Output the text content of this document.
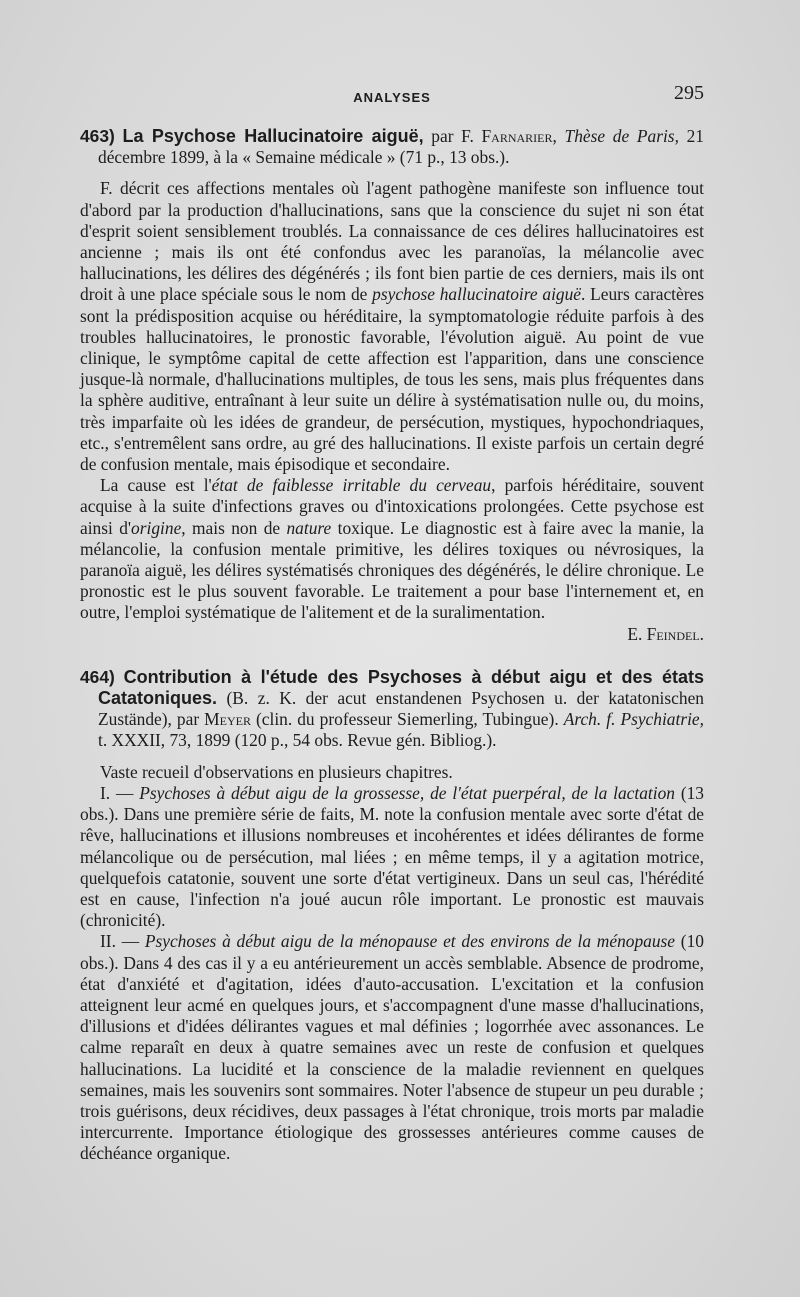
ANALYSES	295

463) La Psychose Hallucinatoire aiguë, par F. Farnarier, Thèse de Paris, 21 décembre 1899, à la « Semaine médicale » (71 p., 13 obs.).

F. décrit ces affections mentales où l'agent pathogène manifeste son influence tout d'abord par la production d'hallucinations, sans que la conscience du sujet ni son état d'esprit soient sensiblement troublés. La connaissance de ces délires hallucinatoires est ancienne ; mais ils ont été confondus avec les paranoïas, la mélancolie avec hallucinations, les délires des dégénérés ; ils font bien partie de ces derniers, mais ils ont droit à une place spéciale sous le nom de psychose hallucinatoire aiguë. Leurs caractères sont la prédisposition acquise ou héréditaire, la symptomatologie réduite parfois à des troubles hallucinatoires, le pronostic favorable, l'évolution aiguë. Au point de vue clinique, le symptôme capital de cette affection est l'apparition, dans une conscience jusque-là normale, d'hallucinations multiples, de tous les sens, mais plus fréquentes dans la sphère auditive, entraînant à leur suite un délire à systématisation nulle ou, du moins, très imparfaite où les idées de grandeur, de persécution, mystiques, hypochondriaques, etc., s'entremêlent sans ordre, au gré des hallucinations. Il existe parfois un certain degré de confusion mentale, mais épisodique et secondaire.

La cause est l'état de faiblesse irritable du cerveau, parfois héréditaire, souvent acquise à la suite d'infections graves ou d'intoxications prolongées. Cette psychose est ainsi d'origine, mais non de nature toxique. Le diagnostic est à faire avec la manie, la mélancolie, la confusion mentale primitive, les délires toxiques ou névrosiques, la paranoïa aiguë, les délires systématisés chroniques des dégénérés, le délire chronique. Le pronostic est le plus souvent favorable. Le traitement a pour base l'internement et, en outre, l'emploi systématique de l'alitement et de la suralimentation.

E. Feindel.

464) Contribution à l'étude des Psychoses à début aigu et des états Catatoniques. (B. z. K. der acut enstandenen Psychosen u. der katatonischen Zustände), par Meyer (clin. du professeur Siemerling, Tubingue). Arch. f. Psychiatrie, t. XXXII, 73, 1899 (120 p., 54 obs. Revue gén. Bibliog.).

Vaste recueil d'observations en plusieurs chapitres.

I. — Psychoses à début aigu de la grossesse, de l'état puerpéral, de la lactation (13 obs.). Dans une première série de faits, M. note la confusion mentale avec sorte d'état de rêve, hallucinations et illusions nombreuses et incohérentes et idées délirantes de forme mélancolique ou de persécution, mal liées ; en même temps, il y a agitation motrice, quelquefois catatonie, souvent une sorte d'état vertigineux. Dans un seul cas, l'hérédité est en cause, l'infection n'a joué aucun rôle important. Le pronostic est mauvais (chronicité).

II. — Psychoses à début aigu de la ménopause et des environs de la ménopause (10 obs.). Dans 4 des cas il y a eu antérieurement un accès semblable. Absence de prodrome, état d'anxiété et d'agitation, idées d'auto-accusation. L'excitation et la confusion atteignent leur acmé en quelques jours, et s'accompagnent d'une masse d'hallucinations, d'illusions et d'idées délirantes vagues et mal définies ; logorrhée avec assonances. Le calme reparaît en deux à quatre semaines avec un reste de confusion et quelques hallucinations. La lucidité et la conscience de la maladie reviennent en quelques semaines, mais les souvenirs sont sommaires. Noter l'absence de stupeur un peu durable ; trois guérisons, deux récidives, deux passages à l'état chronique, trois morts par maladie intercurrente. Importance étiologique des grossesses antérieures comme causes de déchéance organique.
